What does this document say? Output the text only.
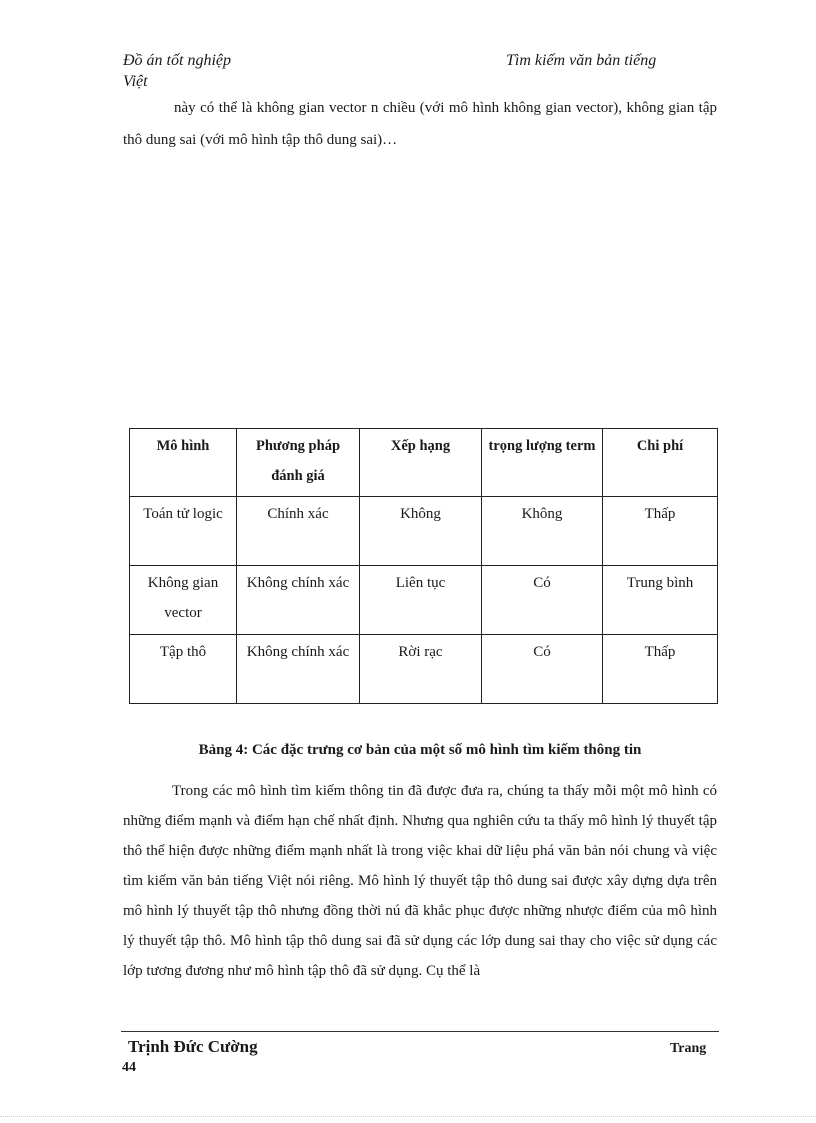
Đồ án tốt nghiệp	Tìm kiếm văn bản tiếng
Việt
này có thể là không gian vector n chiều (với mô hình không gian vector), không gian tập thô dung sai (với mô hình tập thô dung sai)…
Mô hình	Phương pháp đánh giá	Xếp hạng	trọng lượng term	Chi phí
Toán tử logic	Chính xác	Không	Không	Thấp
Không gian vector	Không chính xác	Liên tục	Có	Trung bình
Tập thô	Không chính xác	Rời rạc	Có	Thấp
Bảng 4: Các đặc trưng cơ bản của một số mô hình tìm kiếm thông tin
Trong các mô hình tìm kiếm thông tin đã được đưa ra, chúng ta thấy mỗi một mô hình có những điểm mạnh và điểm hạn chế nhất định. Nhưng qua nghiên cứu ta thấy mô hình lý thuyết tập thô thể hiện được những điểm mạnh nhất là trong việc khai dữ liệu phá văn bản nói chung và việc tìm kiếm văn bản tiếng Việt nói riêng. Mô hình lý thuyết tập thô dung sai được xây dựng dựa trên mô hình lý thuyết tập thô nhưng đồng thời nú đã khắc phục được những nhược điểm của mô hình lý thuyết tập thô. Mô hình tập thô dung sai đã sử dụng các lớp dung sai thay cho việc sử dụng các lớp tương đương như mô hình tập thô đã sử dụng. Cụ thể là
Trịnh Đức Cường	Trang
44
